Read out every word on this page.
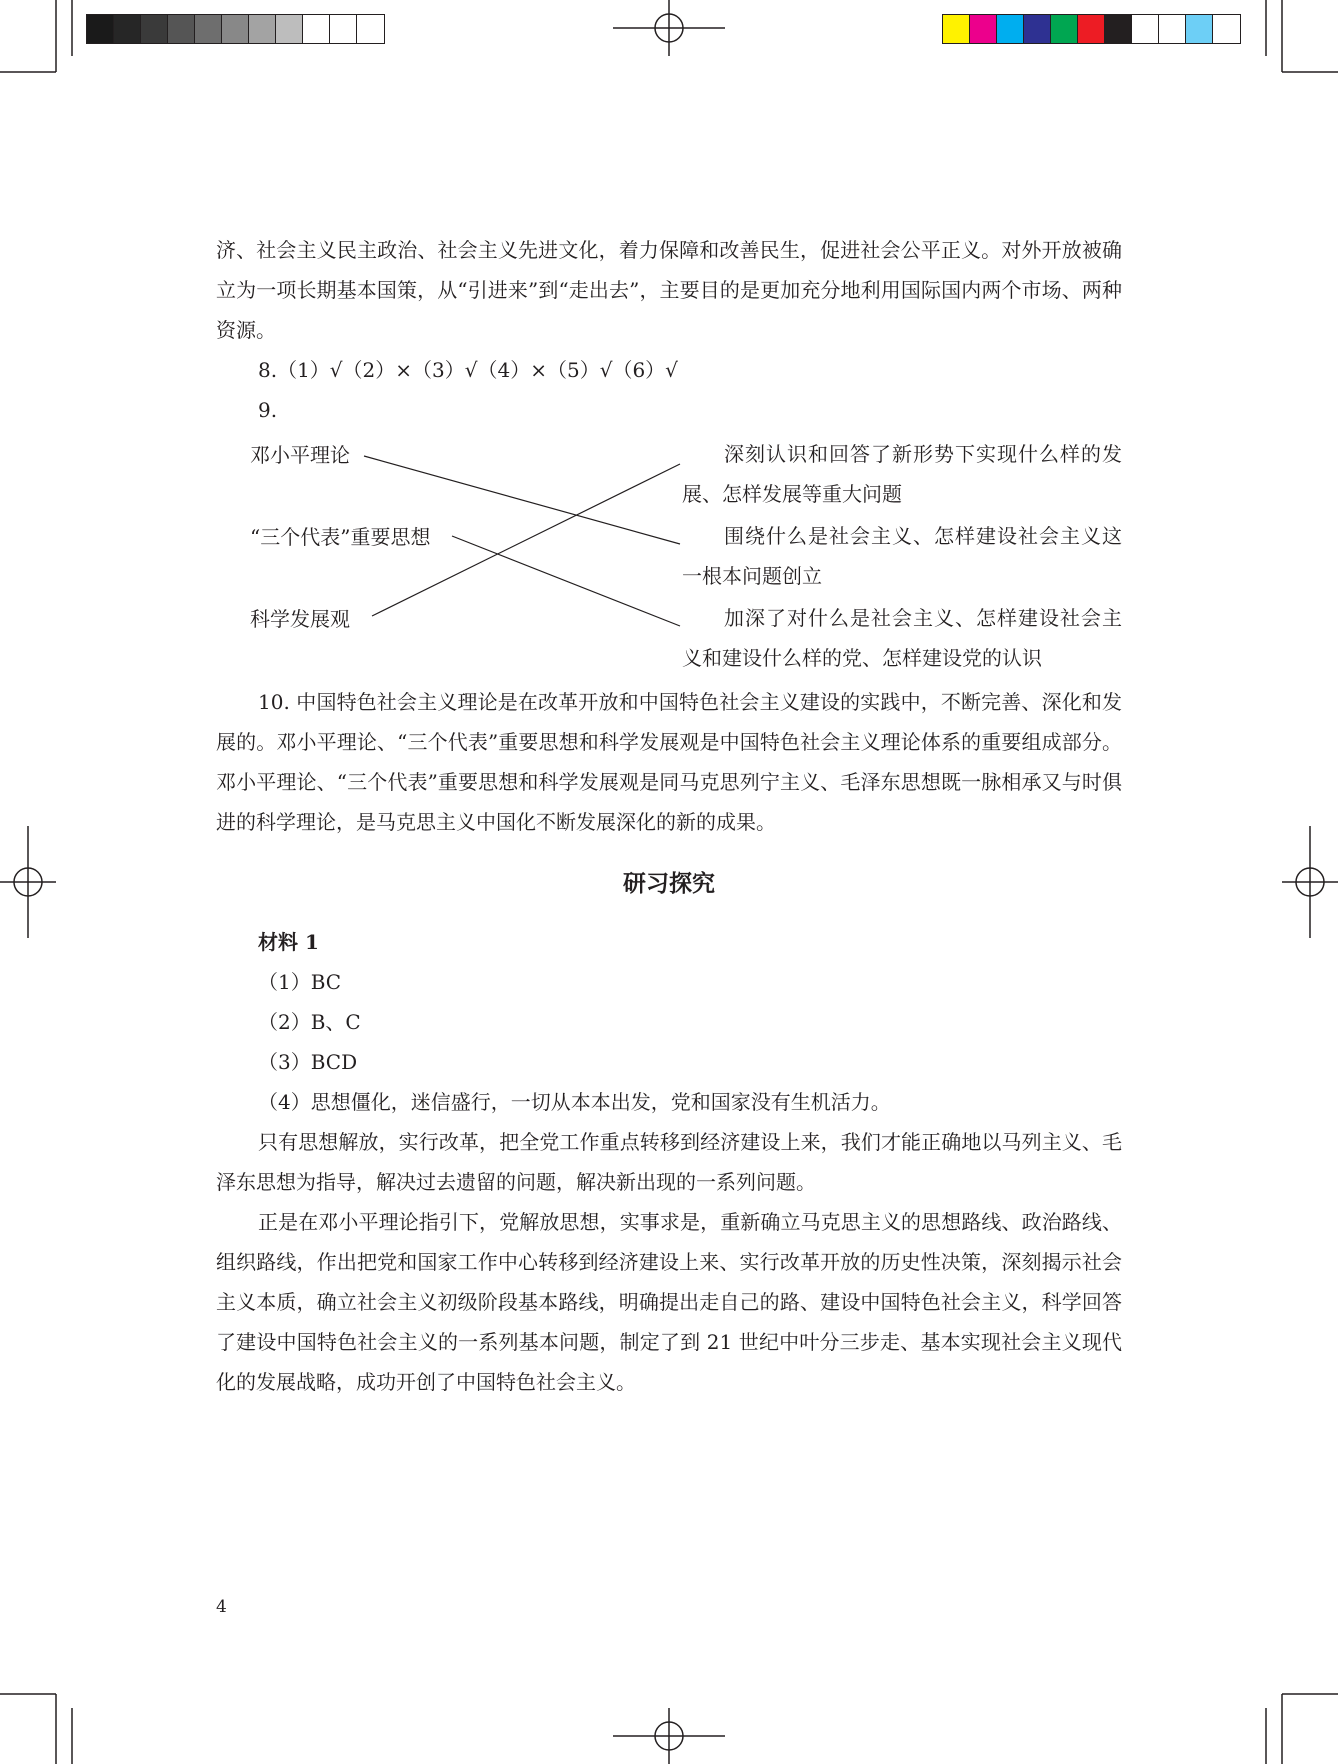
济、社会主义民主政治、社会主义先进文化，着力保障和改善民生，促进社会公平正义。对外开放被确立为一项长期基本国策，从“引进来”到“走出去”，主要目的是更加充分地利用国际国内两个市场、两种资源。

8.（1）√（2）×（3）√（4）×（5）√（6）√

9.

邓小平理论
“三个代表”重要思想
科学发展观
深刻认识和回答了新形势下实现什么样的发展、怎样发展等重大问题
围绕什么是社会主义、怎样建设社会主义这一根本问题创立
加深了对什么是社会主义、怎样建设社会主义和建设什么样的党、怎样建设党的认识

10. 中国特色社会主义理论是在改革开放和中国特色社会主义建设的实践中，不断完善、深化和发展的。邓小平理论、“三个代表”重要思想和科学发展观是中国特色社会主义理论体系的重要组成部分。邓小平理论、“三个代表”重要思想和科学发展观是同马克思列宁主义、毛泽东思想既一脉相承又与时俱进的科学理论，是马克思主义中国化不断发展深化的新的成果。

研习探究

材料 1

（1）BC

（2）B、C

（3）BCD

（4）思想僵化，迷信盛行，一切从本本出发，党和国家没有生机活力。

只有思想解放，实行改革，把全党工作重点转移到经济建设上来，我们才能正确地以马列主义、毛泽东思想为指导，解决过去遗留的问题，解决新出现的一系列问题。

正是在邓小平理论指引下，党解放思想，实事求是，重新确立马克思主义的思想路线、政治路线、组织路线，作出把党和国家工作中心转移到经济建设上来、实行改革开放的历史性决策，深刻揭示社会主义本质，确立社会主义初级阶段基本路线，明确提出走自己的路、建设中国特色社会主义，科学回答了建设中国特色社会主义的一系列基本问题，制定了到 21 世纪中叶分三步走、基本实现社会主义现代化的发展战略，成功开创了中国特色社会主义。

4
